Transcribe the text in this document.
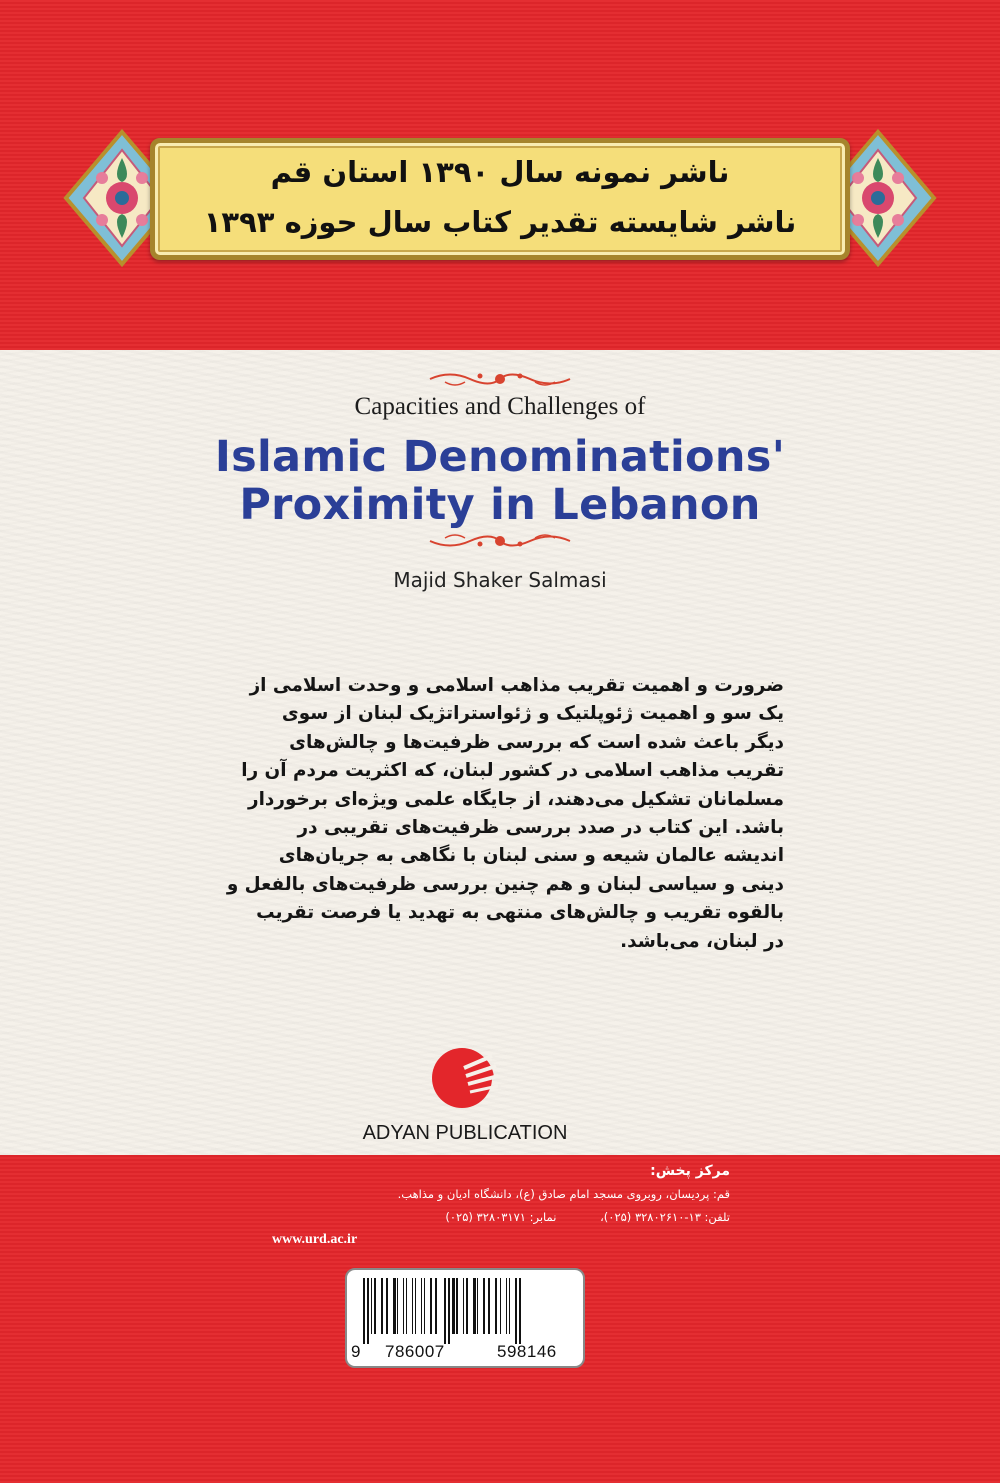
ناشر نمونه سال ۱۳۹۰ استان قم
ناشر شایسته تقدیر کتاب سال حوزه ۱۳۹۳
Capacities and Challenges of
Islamic Denominations'
Proximity in Lebanon
Majid Shaker Salmasi
ضرورت و اهمیت تقریب مذاهب اسلامی و وحدت اسلامی از
یک سو و اهمیت ژئوپلتیک و ژئواستراتژیک لبنان از سوی
دیگر باعث شده است که بررسی ظرفیت‌ها و چالش‌های
تقریب مذاهب اسلامی در کشور لبنان، که اکثریت مردم آن را
مسلمانان تشکیل می‌دهند، از جایگاه علمی ویژه‌ای برخوردار
باشد. این کتاب در صدد بررسی ظرفیت‌های تقریبی در
اندیشه عالمان شیعه و سنی لبنان با نگاهی به جریان‌های
دینی و سیاسی لبنان و هم چنین بررسی ظرفیت‌های بالفعل و
بالقوه تقریب و چالش‌های منتهی به تهدید یا فرصت تقریب
در لبنان، می‌باشد.
ADYAN PUBLICATION
مرکز پخش:
قم: پردیسان، روبروی مسجد امام صادق (ع)، دانشگاه ادیان و مذاهب.
تلفن: ۱۳-۳۲۸۰۲۶۱۰ (۰۲۵)، نمابر: ۳۲۸۰۳۱۷۱ (۰۲۵)
www.urd.ac.ir
9 786007	598146
